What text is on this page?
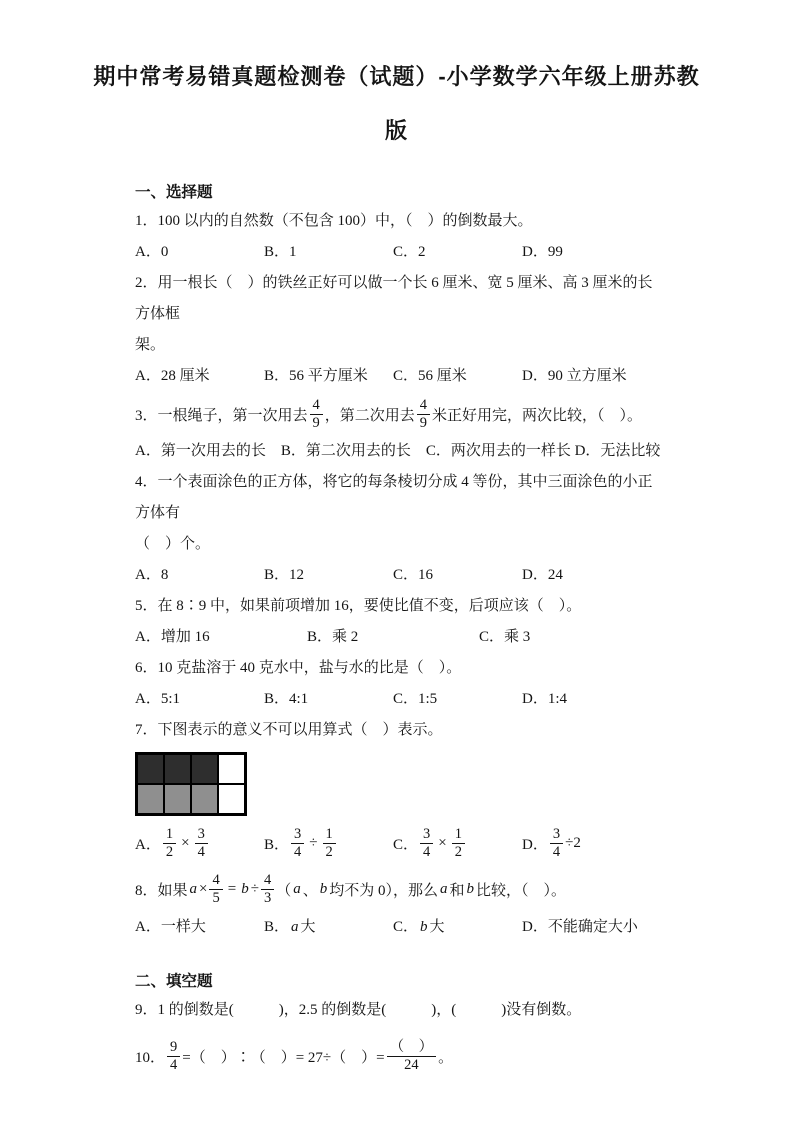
期中常考易错真题检测卷（试题）-小学数学六年级上册苏教
版
一、选择题
1．100 以内的自然数（不包含 100）中，（　）的倒数最大。
A．0	B．1	C．2	D．99
2．用一根长（　）的铁丝正好可以做一个长 6 厘米、宽 5 厘米、高 3 厘米的长方体框
架。
A．28 厘米	B．56 平方厘米	C．56 厘米	D．90 立方厘米
3．一根绳子，第一次用去 $\frac{4}{9}$ ，第二次用去 $\frac{4}{9}$ 米正好用完，两次比较，（　）。
A．第一次用去的长　B．第二次用去的长　C．两次用去的一样长 D．无法比较
4．一个表面涂色的正方体，将它的每条棱切分成 4 等份，其中三面涂色的小正方体有
（　）个。
A．8	B．12	C．16	D．24
5．在 8∶9 中，如果前项增加 16，要使比值不变，后项应该（　）。
A．增加 16	B．乘 2	C．乘 3
6．10 克盐溶于 40 克水中，盐与水的比是（　）。
A．5:1	B．4:1	C．1:5	D．1:4
7．下图表示的意义不可以用算式（　）表示。
A． $\frac{1}{2} \times \frac{3}{4}$	B． $\frac{3}{4} \div \frac{1}{2}$	C． $\frac{3}{4} \times \frac{1}{2}$	D． $\frac{3}{4} \div 2$
8．如果 $a \times \frac{4}{5} = b \div \frac{4}{3}$ （ a 、 b 均不为 0），那么 a 和 b 比较，（　）。
A．一样大	B． a 大	C． b 大	D．不能确定大小
二、填空题
9．1 的倒数是(　　　)，2.5 的倒数是(　　　)，(　　　)没有倒数。
10． $\frac{9}{4}$ =（　）∶（　）= 27÷（　）= $\frac{( )}{24}$ 。
